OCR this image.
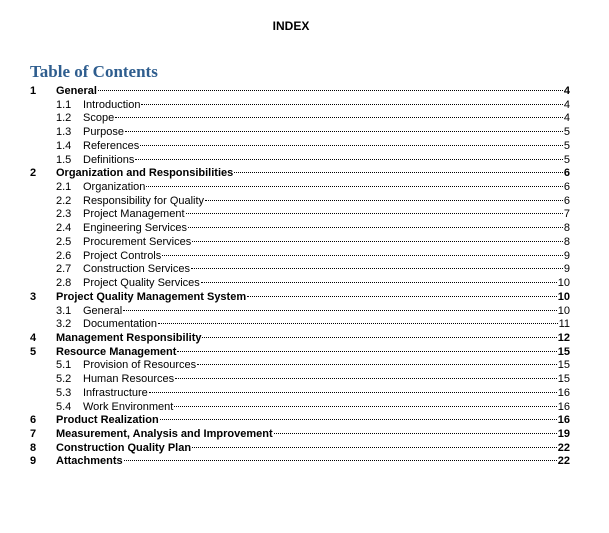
INDEX
Table of Contents
1	General	4
1.1	Introduction	4
1.2	Scope	4
1.3	Purpose	5
1.4	References	5
1.5	Definitions	5
2	Organization and Responsibilities	6
2.1	Organization	6
2.2	Responsibility for Quality	6
2.3	Project Management	7
2.4	Engineering Services	8
2.5	Procurement Services	8
2.6	Project Controls	9
2.7	Construction Services	9
2.8	Project Quality Services	10
3	Project Quality Management System	10
3.1	General	10
3.2	Documentation	11
4	Management Responsibility	12
5	Resource Management	15
5.1	Provision of Resources	15
5.2	Human Resources	15
5.3	Infrastructure	16
5.4	Work Environment	16
6	Product Realization	16
7	Measurement, Analysis and Improvement	19
8	Construction Quality Plan	22
9	Attachments	22
